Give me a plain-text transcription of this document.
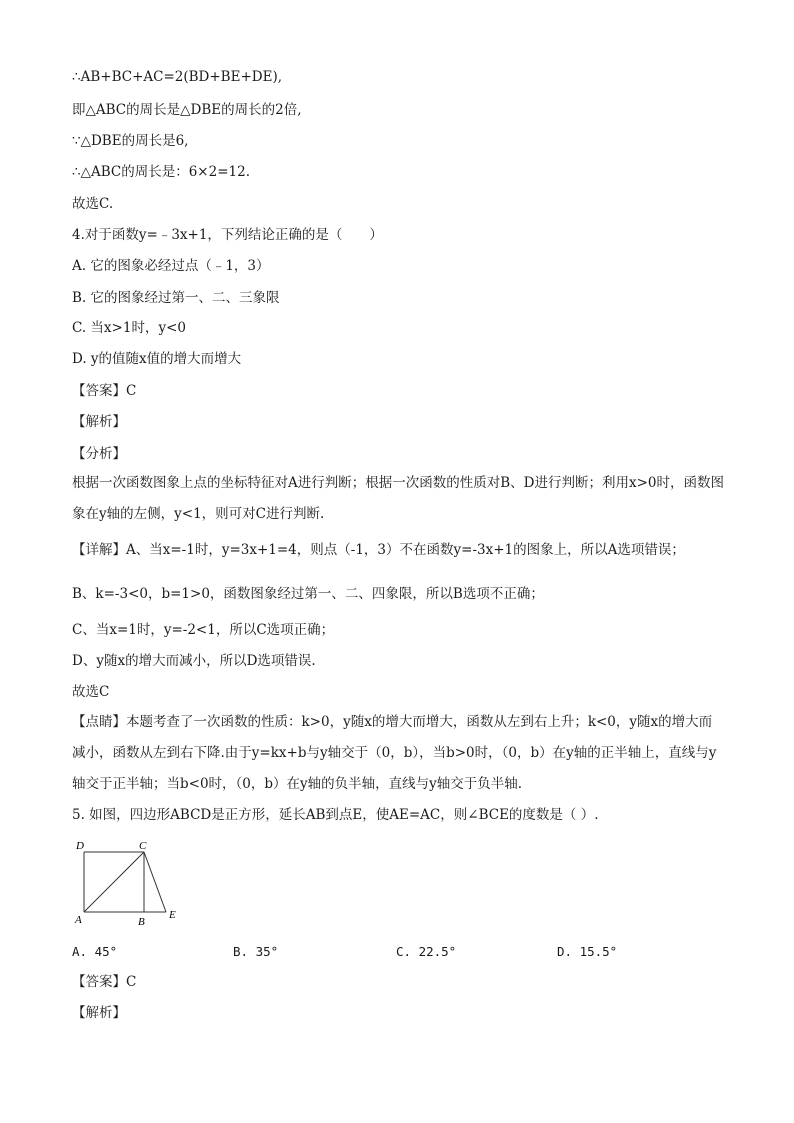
∴AB+BC+AC=2(BD+BE+DE),
即△ABC的周长是△DBE的周长的2倍,
∵△DBE的周长是6,
∴△ABC的周长是：6×2=12.
故选C.
4.对于函数y=﹣3x+1，下列结论正确的是（　　）
A. 它的图象必经过点（﹣1，3）
B. 它的图象经过第一、二、三象限
C. 当x>1时，y<0
D. y的值随x值的增大而增大
【答案】C
【解析】
【分析】
根据一次函数图象上点的坐标特征对A进行判断；根据一次函数的性质对B、D进行判断；利用x>0时，函数图象在y轴的左侧，y<1，则可对C进行判断.
【详解】A、当x=-1时，y=3x+1=4，则点（-1，3）不在函数y=-3x+1的图象上，所以A选项错误；
B、k=-3<0，b=1>0，函数图象经过第一、二、四象限，所以B选项不正确；
C、当x=1时，y=-2<1，所以C选项正确；
D、y随x的增大而减小，所以D选项错误.
故选C
【点睛】本题考查了一次函数的性质：k>0，y随x的增大而增大，函数从左到右上升；k<0，y随x的增大而减小，函数从左到右下降.由于y=kx+b与y轴交于（0，b），当b>0时，（0，b）在y轴的正半轴上，直线与y轴交于正半轴；当b<0时，（0，b）在y轴的负半轴，直线与y轴交于负半轴.
5. 如图，四边形ABCD是正方形，延长AB到点E，使AE=AC，则∠BCE的度数是（ ）.
D	C
A	B
E
A. 45°	B. 35°	C. 22.5°	D. 15.5°
【答案】C
【解析】
